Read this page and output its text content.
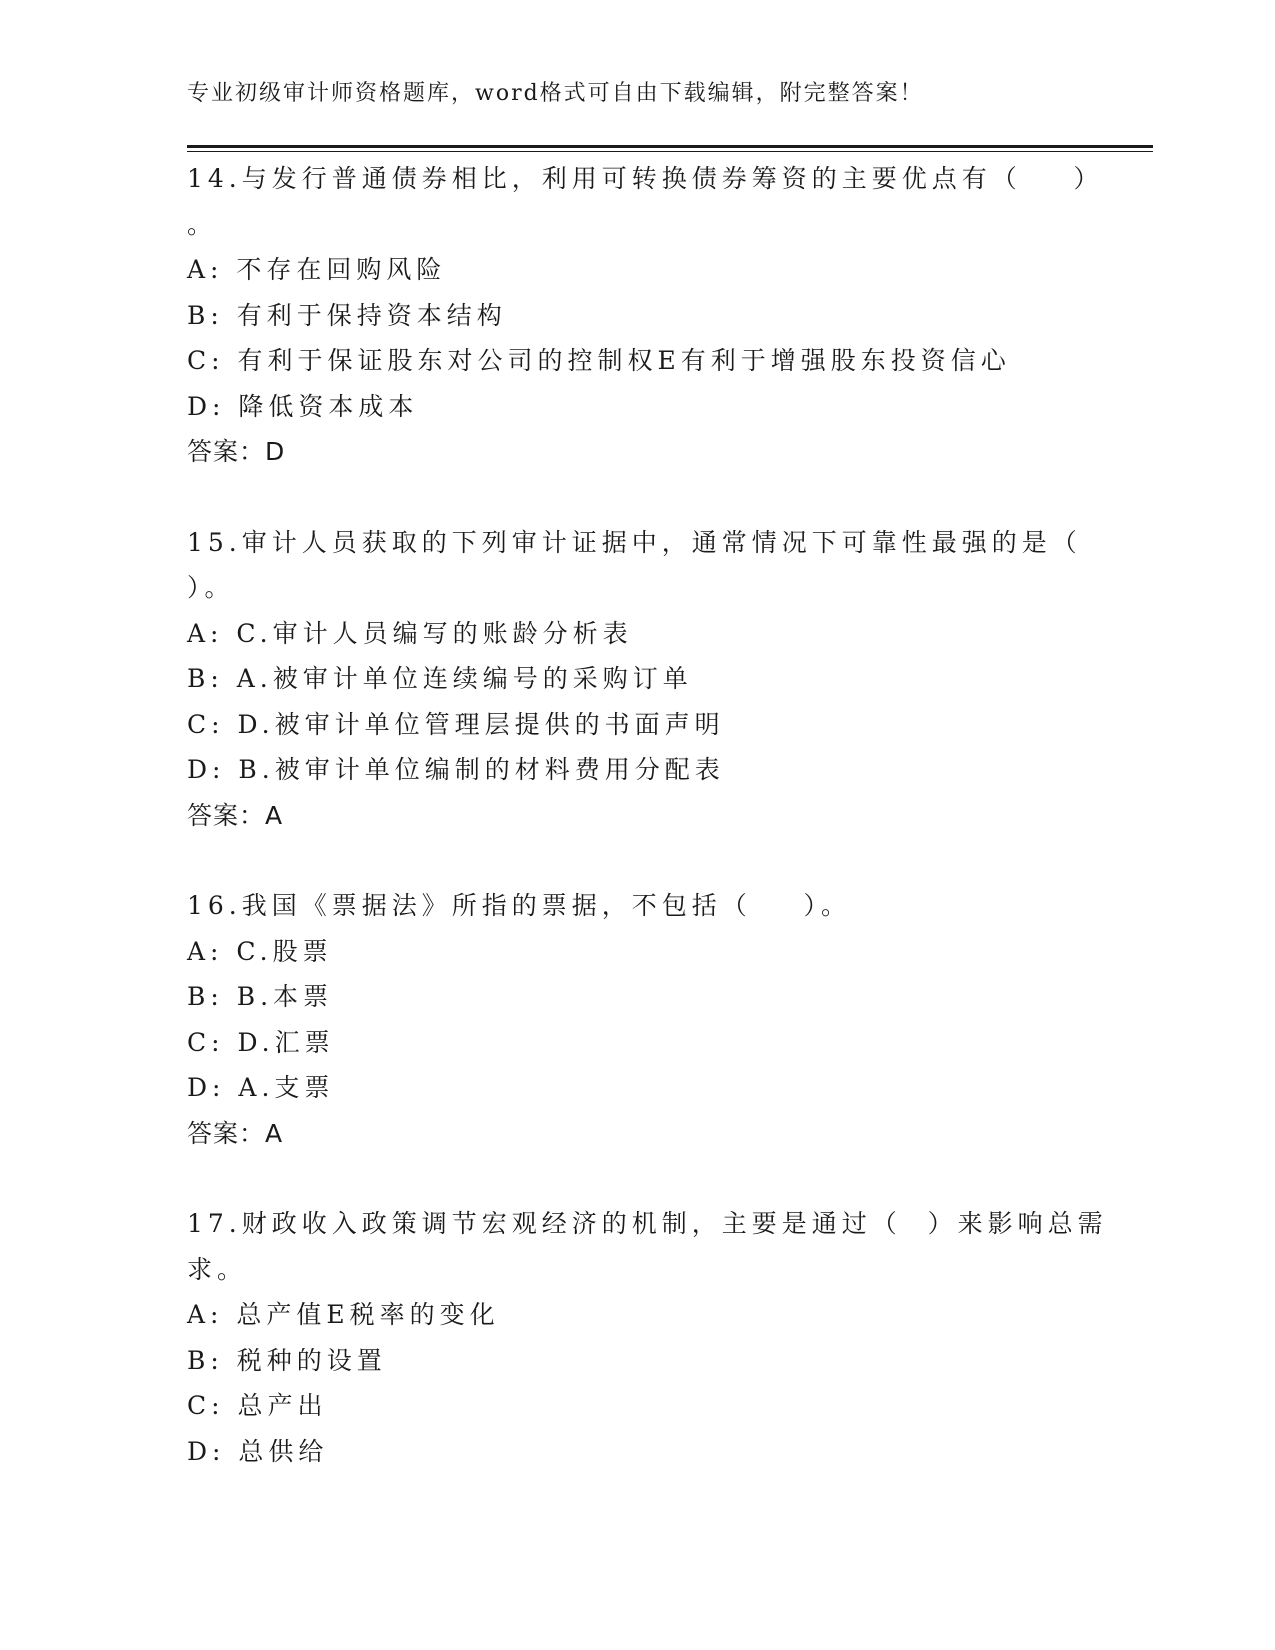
专业初级审计师资格题库，word格式可自由下载编辑，附完整答案！
14.与发行普通债券相比，利用可转换债券筹资的主要优点有（    ）
。
A: 不存在回购风险
B: 有利于保持资本结构
C: 有利于保证股东对公司的控制权E有利于增强股东投资信心
D: 降低资本成本
答案：D
15.审计人员获取的下列审计证据中，通常情况下可靠性最强的是（
）。
A: C.审计人员编写的账龄分析表
B: A.被审计单位连续编号的采购订单
C: D.被审计单位管理层提供的书面声明
D: B.被审计单位编制的材料费用分配表
答案：A
16.我国《票据法》所指的票据，不包括（    ）。
A: C.股票
B: B.本票
C: D.汇票
D: A.支票
答案：A
17.财政收入政策调节宏观经济的机制，主要是通过（  ）来影响总需
求。
A: 总产值E税率的变化
B: 税种的设置
C: 总产出
D: 总供给
